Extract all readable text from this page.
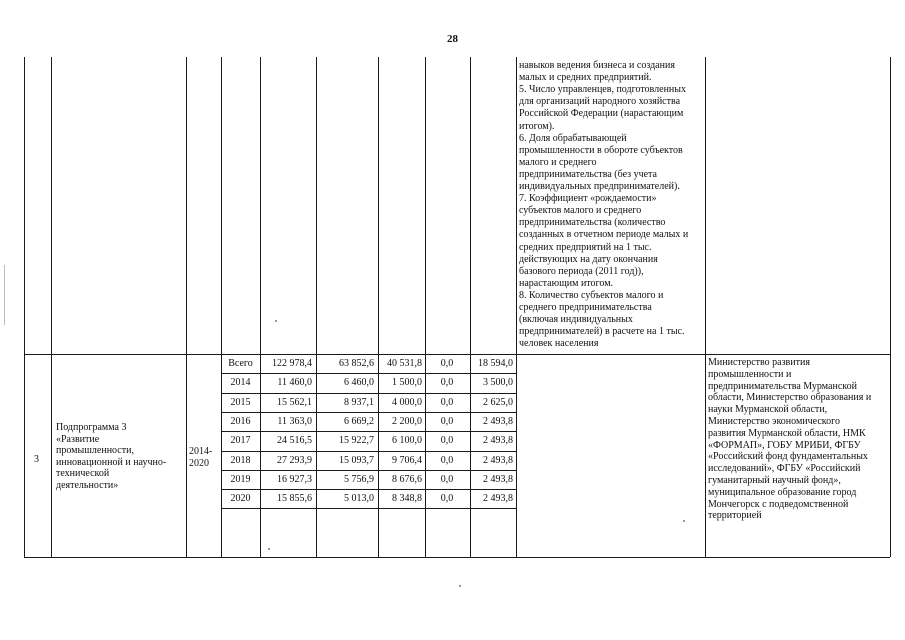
28
навыков ведения бизнеса и создания
малых и средних предприятий.
5. Число управленцев, подготовленных
для организаций народного хозяйства
Российской Федерации (нарастающим
итогом).
6. Доля обрабатывающей
промышленности в обороте субъектов
малого и среднего
предпринимательства (без учета
индивидуальных предпринимателей).
7. Коэффициент «рождаемости»
субъектов малого и среднего
предпринимательства (количество
созданных в отчетном периоде малых и
средних предприятий на 1 тыс.
действующих на дату окончания
базового периода (2011 год)),
нарастающим итогом.
8. Количество субъектов малого и
среднего предпринимательства
(включая индивидуальных
предпринимателей) в расчете на 1 тыс.
человек населения
3
Подпрограмма 3
«Развитие
промышленности,
инновационной и научно-
технической
деятельности»
2014-
2020
Всего	122 978,4	63 852,6	40 531,8	0,0	18 594,0
2014	11 460,0	6 460,0	1 500,0	0,0	3 500,0
2015	15 562,1	8 937,1	4 000,0	0,0	2 625,0
2016	11 363,0	6 669,2	2 200,0	0,0	2 493,8
2017	24 516,5	15 922,7	6 100,0	0,0	2 493,8
2018	27 293,9	15 093,7	9 706,4	0,0	2 493,8
2019	16 927,3	5 756,9	8 676,6	0,0	2 493,8
2020	15 855,6	5 013,0	8 348,8	0,0	2 493,8
Министерство развития
промышленности и
предпринимательства Мурманской
области, Министерство образования и
науки Мурманской области,
Министерство экономического
развития Мурманской области, НМК
«ФОРМАП», ГОБУ МРИБИ, ФГБУ
«Российский фонд фундаментальных
исследований», ФГБУ «Российский
гуманитарный научный фонд»,
муниципальное образование город
Мончегорск с подведомственной
территорией
